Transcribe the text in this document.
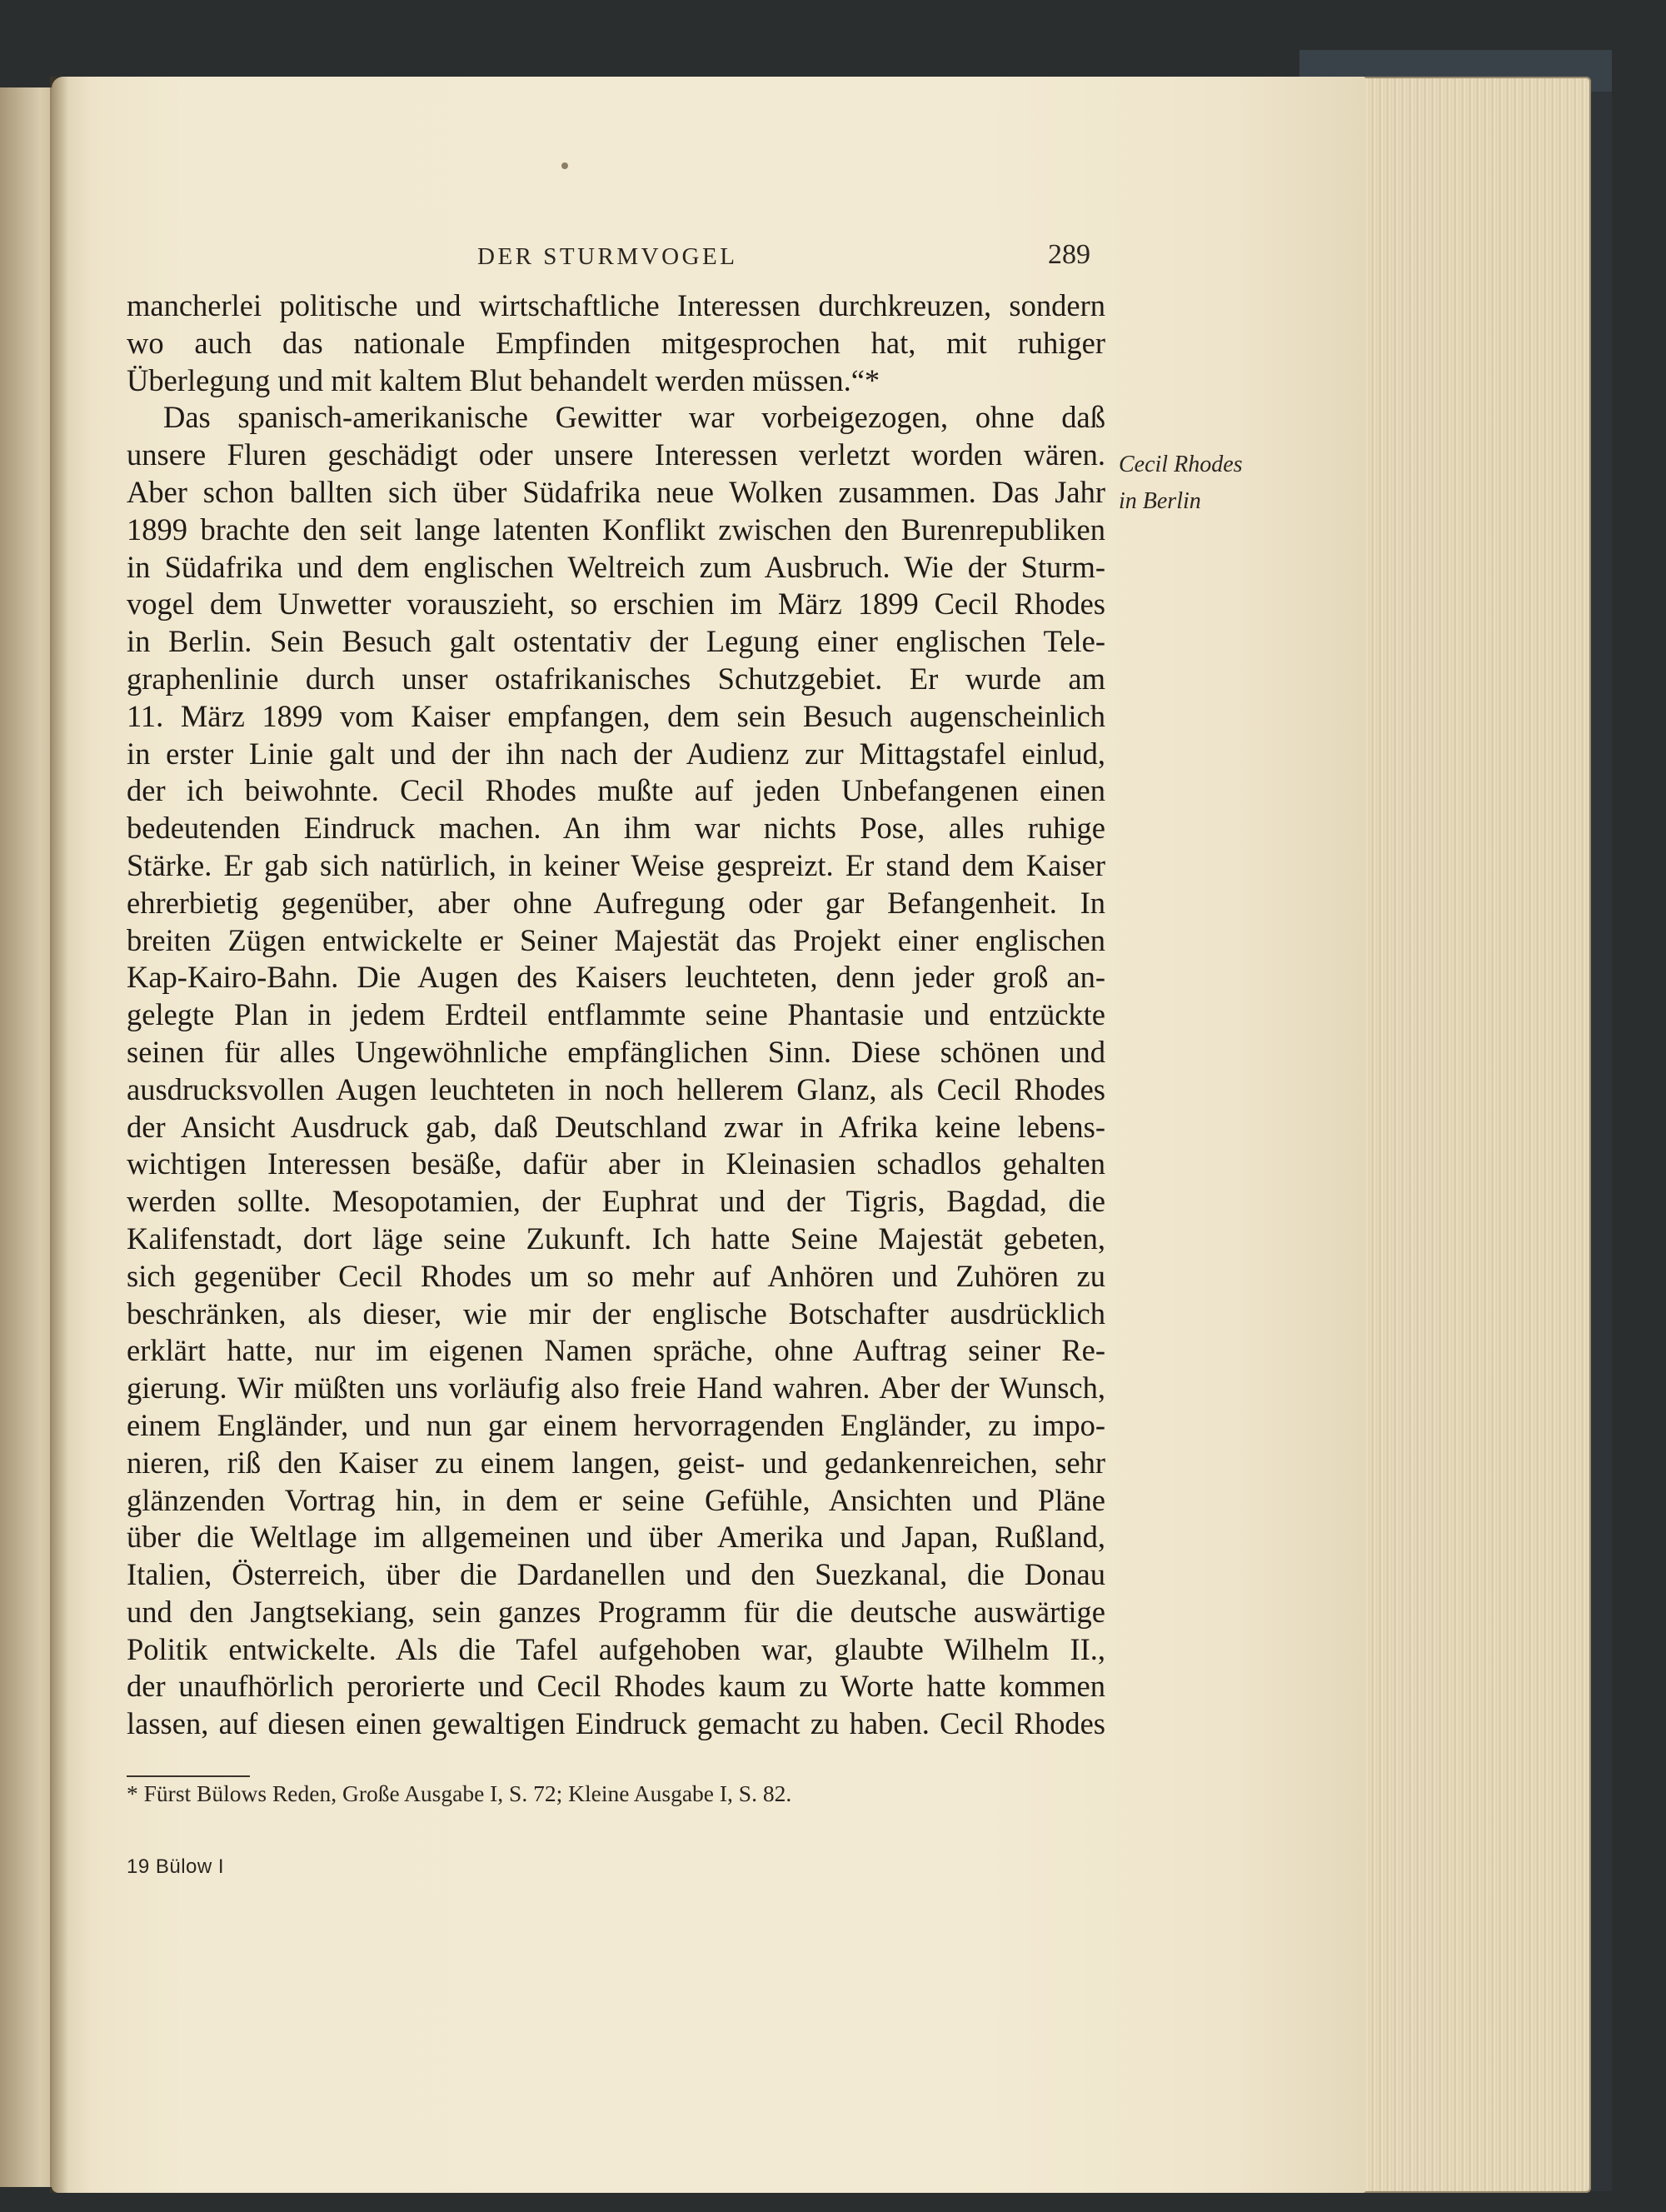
DER STURMVOGEL	289
mancherlei politische und wirtschaftliche Interessen durchkreuzen, sondern
wo auch das nationale Empfinden mitgesprochen hat, mit ruhiger
Überlegung und mit kaltem Blut behandelt werden müssen.“*
Das spanisch-amerikanische Gewitter war vorbeigezogen, ohne daß
unsere Fluren geschädigt oder unsere Interessen verletzt worden wären.
Aber schon ballten sich über Südafrika neue Wolken zusammen. Das Jahr
1899 brachte den seit lange latenten Konflikt zwischen den Burenrepubliken
in Südafrika und dem englischen Weltreich zum Ausbruch. Wie der Sturm-
vogel dem Unwetter vorauszieht, so erschien im März 1899 Cecil Rhodes
in Berlin. Sein Besuch galt ostentativ der Legung einer englischen Tele-
graphenlinie durch unser ostafrikanisches Schutzgebiet. Er wurde am
11. März 1899 vom Kaiser empfangen, dem sein Besuch augenscheinlich
in erster Linie galt und der ihn nach der Audienz zur Mittagstafel einlud,
der ich beiwohnte. Cecil Rhodes mußte auf jeden Unbefangenen einen
bedeutenden Eindruck machen. An ihm war nichts Pose, alles ruhige
Stärke. Er gab sich natürlich, in keiner Weise gespreizt. Er stand dem Kaiser
ehrerbietig gegenüber, aber ohne Aufregung oder gar Befangenheit. In
breiten Zügen entwickelte er Seiner Majestät das Projekt einer englischen
Kap-Kairo-Bahn. Die Augen des Kaisers leuchteten, denn jeder groß an-
gelegte Plan in jedem Erdteil entflammte seine Phantasie und entzückte
seinen für alles Ungewöhnliche empfänglichen Sinn. Diese schönen und
ausdrucksvollen Augen leuchteten in noch hellerem Glanz, als Cecil Rhodes
der Ansicht Ausdruck gab, daß Deutschland zwar in Afrika keine lebens-
wichtigen Interessen besäße, dafür aber in Kleinasien schadlos gehalten
werden sollte. Mesopotamien, der Euphrat und der Tigris, Bagdad, die
Kalifenstadt, dort läge seine Zukunft. Ich hatte Seine Majestät gebeten,
sich gegenüber Cecil Rhodes um so mehr auf Anhören und Zuhören zu
beschränken, als dieser, wie mir der englische Botschafter ausdrücklich
erklärt hatte, nur im eigenen Namen spräche, ohne Auftrag seiner Re-
gierung. Wir müßten uns vorläufig also freie Hand wahren. Aber der Wunsch,
einem Engländer, und nun gar einem hervorragenden Engländer, zu impo-
nieren, riß den Kaiser zu einem langen, geist- und gedankenreichen, sehr
glänzenden Vortrag hin, in dem er seine Gefühle, Ansichten und Pläne
über die Weltlage im allgemeinen und über Amerika und Japan, Rußland,
Italien, Österreich, über die Dardanellen und den Suezkanal, die Donau
und den Jangtsekiang, sein ganzes Programm für die deutsche auswärtige
Politik entwickelte. Als die Tafel aufgehoben war, glaubte Wilhelm II.,
der unaufhörlich perorierte und Cecil Rhodes kaum zu Worte hatte kommen
lassen, auf diesen einen gewaltigen Eindruck gemacht zu haben. Cecil Rhodes
Cecil Rhodes
in Berlin
* Fürst Bülows Reden, Große Ausgabe I, S. 72; Kleine Ausgabe I, S. 82.
19 Bülow I
